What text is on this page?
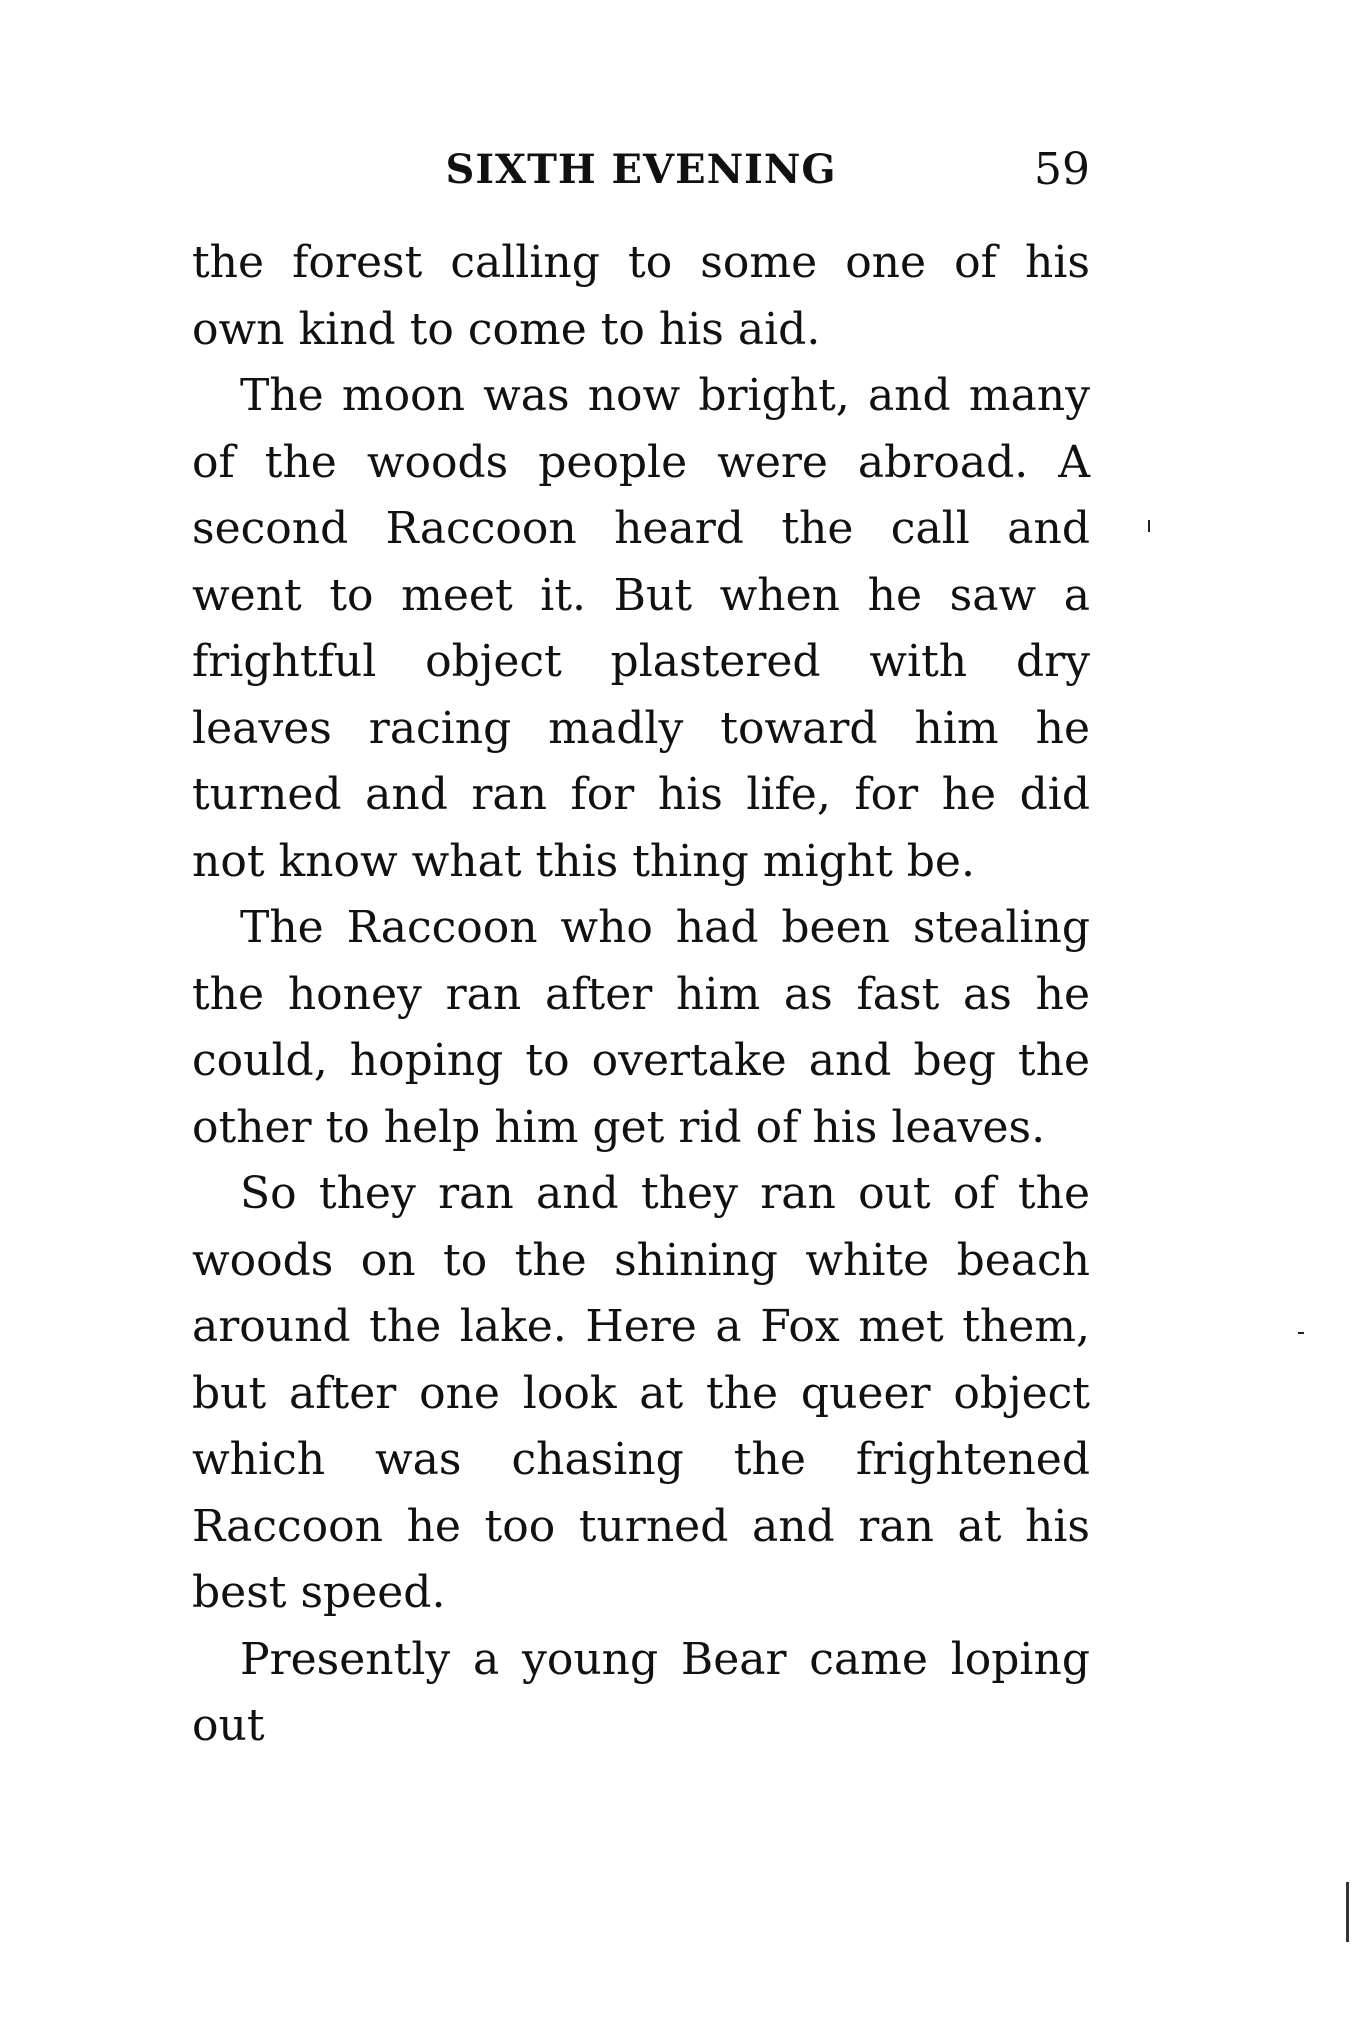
SIXTH EVENING	59

the forest calling to some one of his own kind to come to his aid.

The moon was now bright, and many of the woods people were abroad. A second Raccoon heard the call and went to meet it. But when he saw a frightful object plastered with dry leaves racing madly toward him he turned and ran for his life, for he did not know what this thing might be.

The Raccoon who had been stealing the honey ran after him as fast as he could, hoping to overtake and beg the other to help him get rid of his leaves.

So they ran and they ran out of the woods on to the shining white beach around the lake. Here a Fox met them, but after one look at the queer object which was chasing the frightened Raccoon he too turned and ran at his best speed.

Presently a young Bear came loping out
